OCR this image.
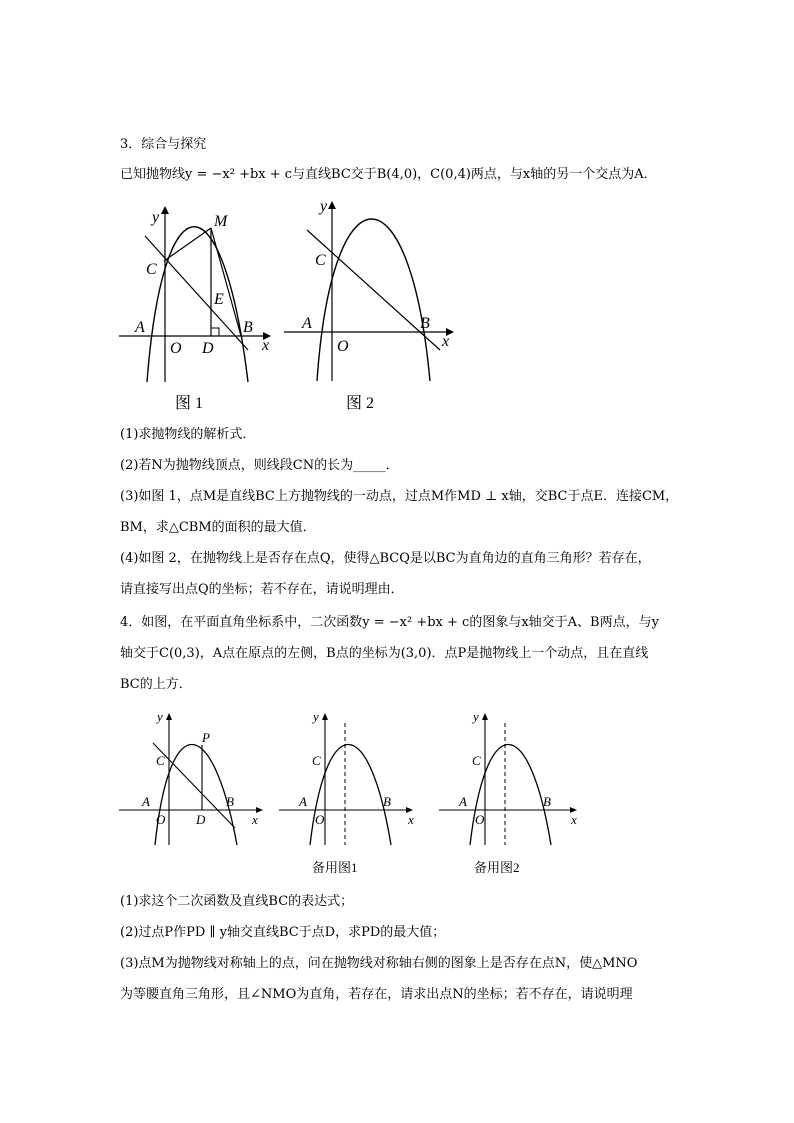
3．综合与探究
已知抛物线y = −x² +bx + c与直线BC交于B(4,0)，C(0,4)两点，与x轴的另一个交点为A．
y	M
C
E
A	B
O D	x
图 1
y
C
A	B
O	x
图 2
(1)求抛物线的解析式．
(2)若N为抛物线顶点，则线段CN的长为_____．
(3)如图 1，点M是直线BC上方抛物线的一动点，过点M作MD ⊥ x轴，交BC于点E．连接CM，
BM，求△CBM的面积的最大值．
(4)如图 2，在抛物线上是否存在点Q，使得△BCQ是以BC为直角边的直角三角形？若存在，
请直接写出点Q的坐标；若不存在，请说明理由．
4．如图，在平面直角坐标系中，二次函数y = −x² +bx + c的图象与x轴交于A、B两点，与y
轴交于C(0,3)，A点在原点的左侧，B点的坐标为(3,0)．点P是抛物线上一个动点，且在直线
BC的上方．
y
P
C
A	B
O D	x
y
C
A	B
O	x
备用图1
y
C
A	B
O	x
备用图2
(1)求这个二次函数及直线BC的表达式；
(2)过点P作PD ∥ y轴交直线BC于点D，求PD的最大值；
(3)点M为抛物线对称轴上的点，问在抛物线对称轴右侧的图象上是否存在点N，使△MNO
为等腰直角三角形，且∠NMO为直角，若存在，请求出点N的坐标；若不存在，请说明理
